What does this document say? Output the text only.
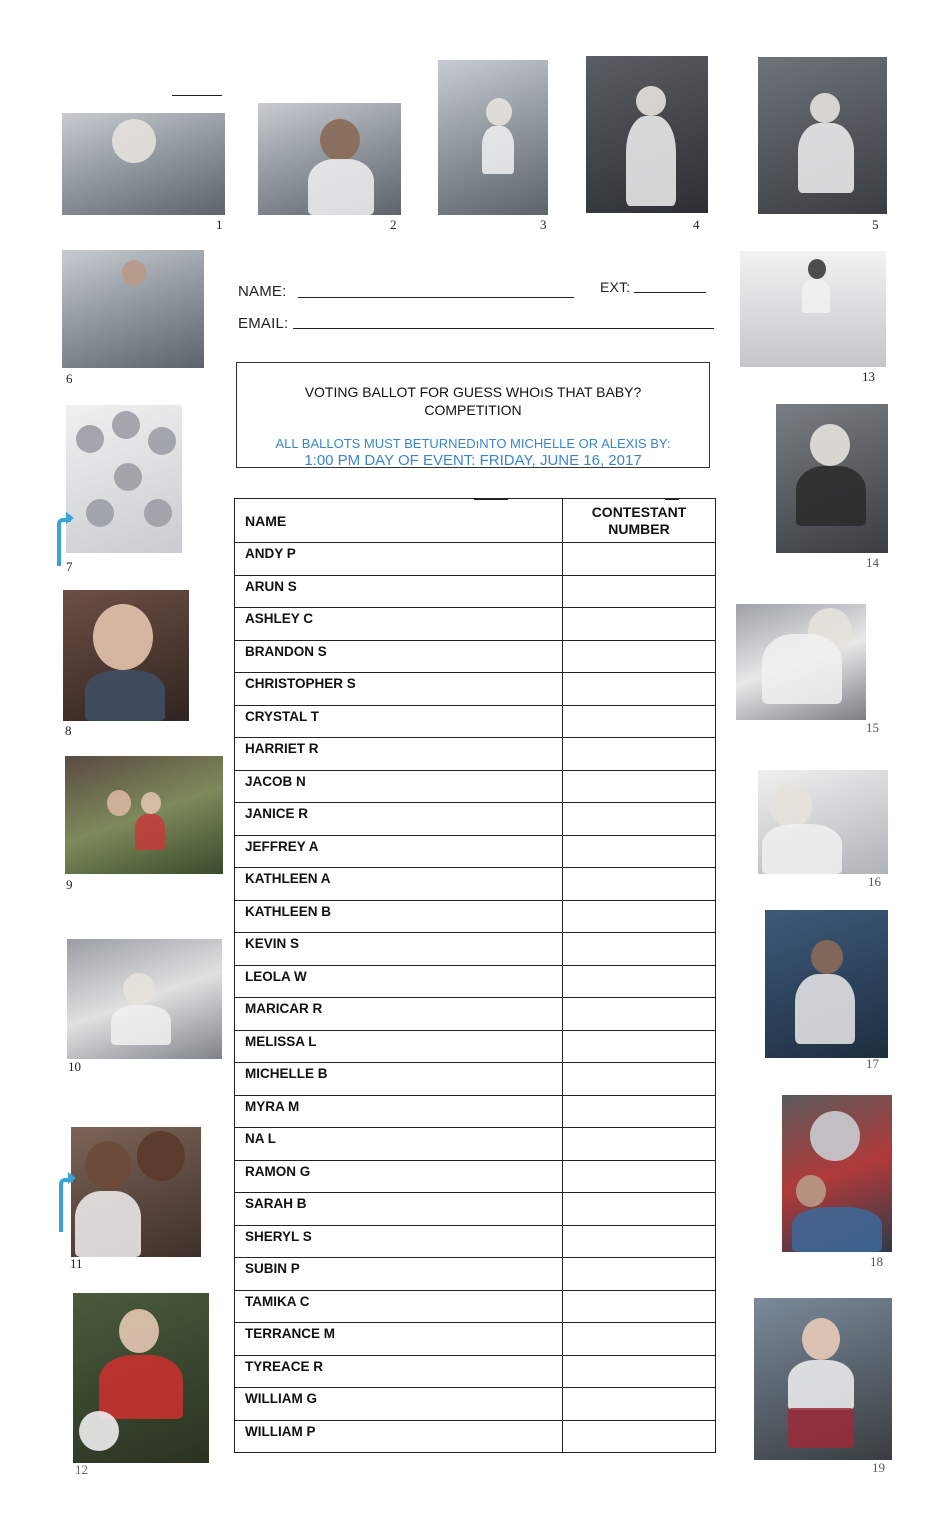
1	2	3	4	5
6
7
8
9
10
11
12
13
14
15
16
17
18
19
NAME:	EXT:
EMAIL:
VOTING BALLOT FOR GUESS WHOıS THAT BABY? COMPETITION
ALL BALLOTS MUST BETURNEDıNTO MICHELLE OR ALEXIS BY:
1:00 PM DAY OF EVENT: FRIDAY, JUNE 16, 2017
NAME	CONTESTANT NUMBER
ANDY P	
ARUN S	
ASHLEY C	
BRANDON S	
CHRISTOPHER S	
CRYSTAL T	
HARRIET R	
JACOB N	
JANICE R	
JEFFREY A	
KATHLEEN A	
KATHLEEN B	
KEVIN S	
LEOLA W	
MARICAR R	
MELISSA L	
MICHELLE B	
MYRA M	
NA L	
RAMON G	
SARAH B	
SHERYL S	
SUBIN P	
TAMIKA C	
TERRANCE M	
TYREACE R	
WILLIAM G	
WILLIAM P	
